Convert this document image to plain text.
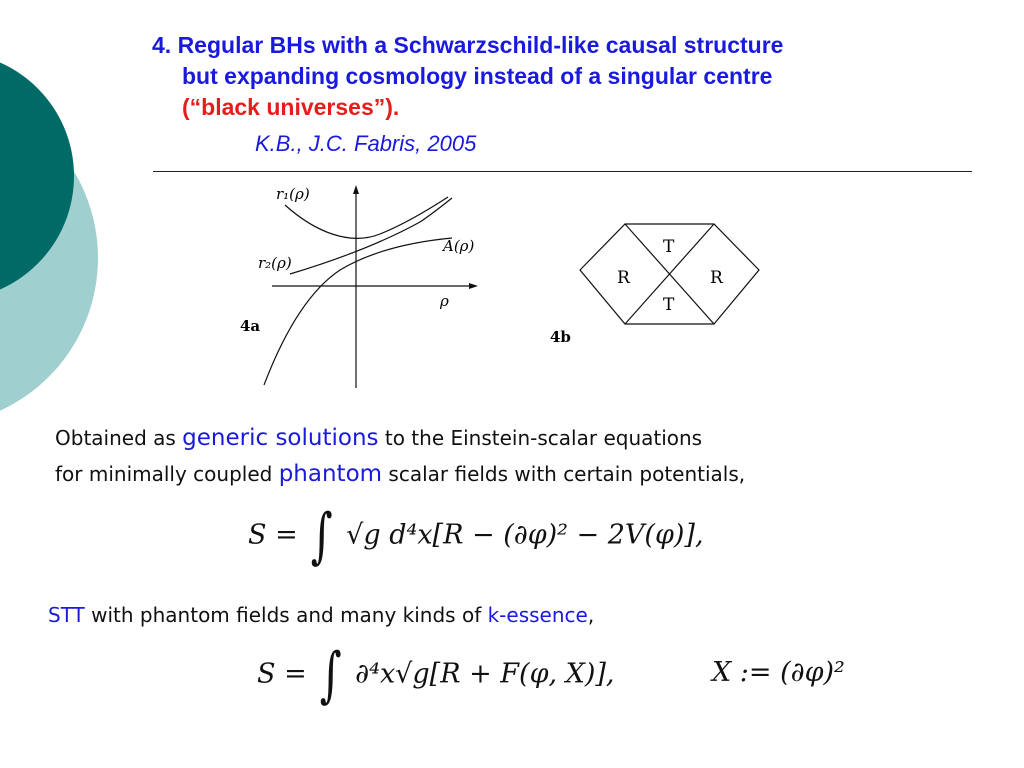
4. Regular BHs with a Schwarzschild-like causal structure
but expanding cosmology instead of a singular centre
(“black universes”).
K.B., J.C. Fabris, 2005
r₁(ρ)
r₂(ρ)
A(ρ)
ρ
4a
R	R
T
T
4b
Obtained as generic solutions to the Einstein-scalar equations
for minimally coupled phantom scalar fields with certain potentials,
S = ∫ √g d⁴x[R − (∂φ)² − 2V(φ)],
STT with phantom fields and many kinds of k-essence,
S = ∫ ∂⁴x√g[R + F(φ, X)],	X := (∂φ)²
